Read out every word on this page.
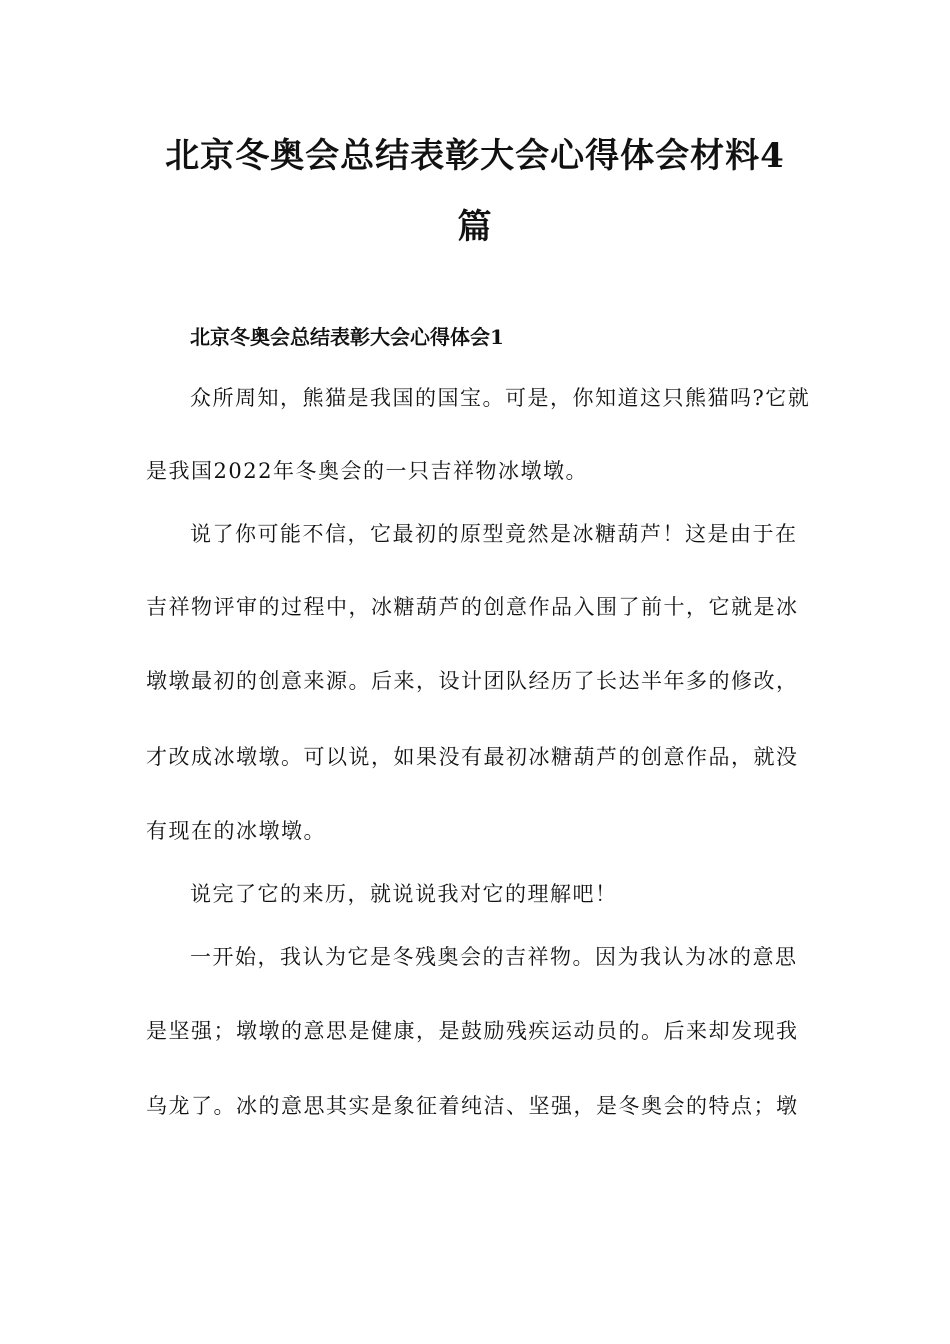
北京冬奥会总结表彰大会心得体会材料4
篇
北京冬奥会总结表彰大会心得体会1

众所周知，熊猫是我国的国宝。可是，你知道这只熊猫吗?它就

是我国2022年冬奥会的一只吉祥物冰墩墩。

说了你可能不信，它最初的原型竟然是冰糖葫芦！这是由于在

吉祥物评审的过程中，冰糖葫芦的创意作品入围了前十，它就是冰

墩墩最初的创意来源。后来，设计团队经历了长达半年多的修改，

才改成冰墩墩。可以说，如果没有最初冰糖葫芦的创意作品，就没

有现在的冰墩墩。

说完了它的来历，就说说我对它的理解吧！

一开始，我认为它是冬残奥会的吉祥物。因为我认为冰的意思

是坚强；墩墩的意思是健康，是鼓励残疾运动员的。后来却发现我

乌龙了。冰的意思其实是象征着纯洁、坚强，是冬奥会的特点；墩
